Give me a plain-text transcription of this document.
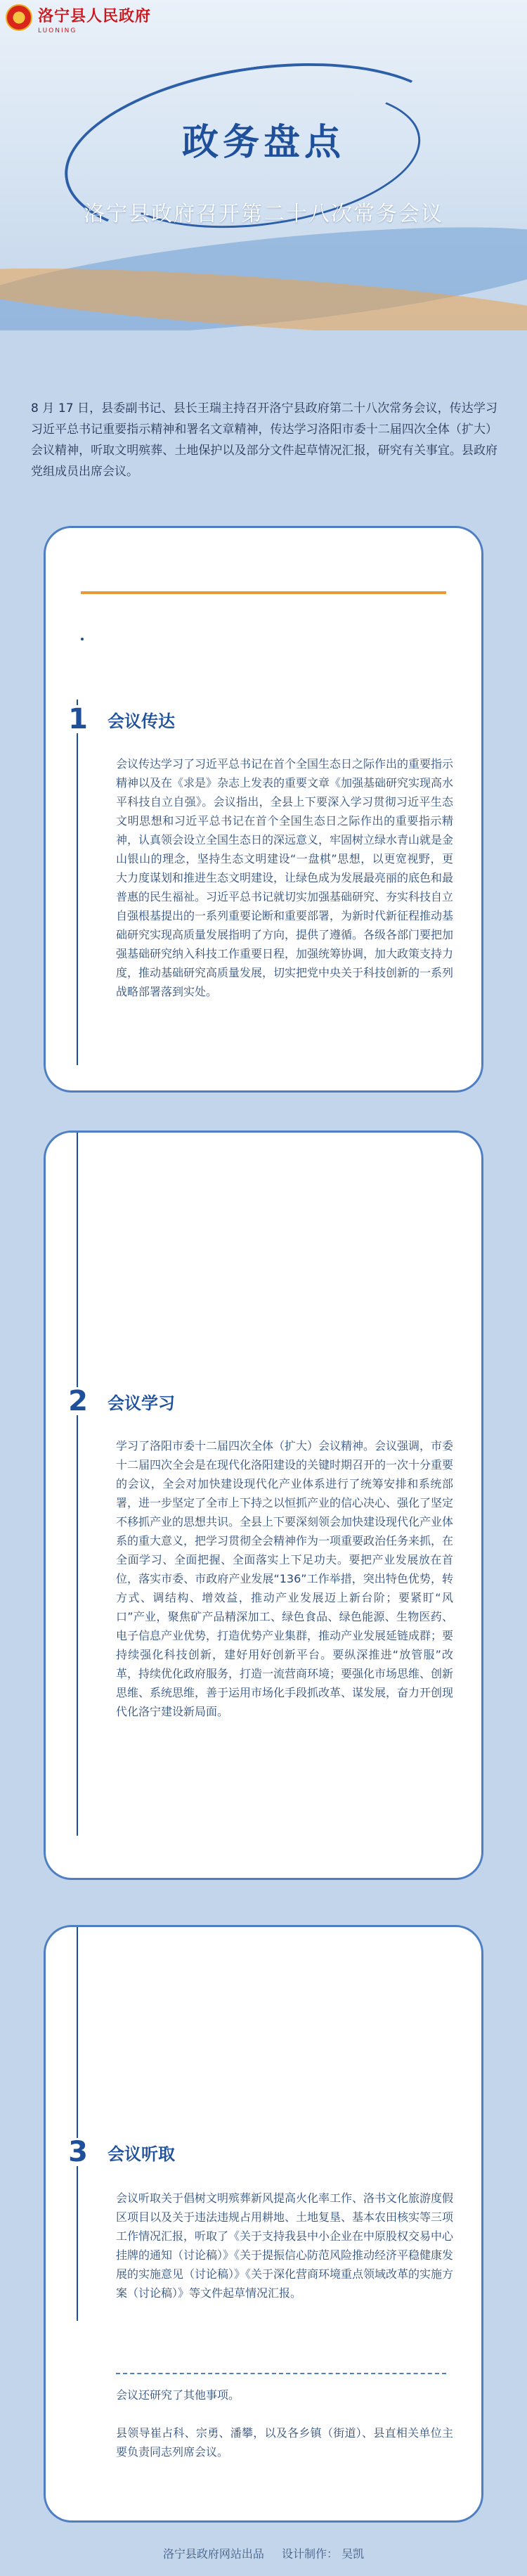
洛宁县人民政府
LUONING
政务盘点
洛宁县政府召开第二十八次常务会议

8 月 17 日，县委副书记、县长王瑞主持召开洛宁县政府第二十八次常务会议，传达学习习近平总书记重要指示精神和署名文章精神，传达学习洛阳市委十二届四次全体（扩大）会议精神，听取文明殡葬、土地保护以及部分文件起草情况汇报，研究有关事宜。县政府党组成员出席会议。

1 会议传达

会议传达学习了习近平总书记在首个全国生态日之际作出的重要指示精神以及在《求是》杂志上发表的重要文章《加强基础研究实现高水平科技自立自强》。会议指出，全县上下要深入学习贯彻习近平生态文明思想和习近平总书记在首个全国生态日之际作出的重要指示精神，认真领会设立全国生态日的深远意义，牢固树立绿水青山就是金山银山的理念，坚持生态文明建设“一盘棋”思想，以更宽视野，更大力度谋划和推进生态文明建设，让绿色成为发展最亮丽的底色和最普惠的民生福祉。习近平总书记就切实加强基础研究、夯实科技自立自强根基提出的一系列重要论断和重要部署，为新时代新征程推动基础研究实现高质量发展指明了方向，提供了遵循。各级各部门要把加强基础研究纳入科技工作重要日程，加强统筹协调，加大政策支持力度，推动基础研究高质量发展，切实把党中央关于科技创新的一系列战略部署落到实处。

2 会议学习

学习了洛阳市委十二届四次全体（扩大）会议精神。会议强调，市委十二届四次全会是在现代化洛阳建设的关键时期召开的一次十分重要的会议，全会对加快建设现代化产业体系进行了统筹安排和系统部署，进一步坚定了全市上下持之以恒抓产业的信心决心、强化了坚定不移抓产业的思想共识。全县上下要深刻领会加快建设现代化产业体系的重大意义，把学习贯彻全会精神作为一项重要政治任务来抓，在全面学习、全面把握、全面落实上下足功夫。要把产业发展放在首位，落实市委、市政府产业发展“136”工作举措，突出特色优势，转方式、调结构、增效益，推动产业发展迈上新台阶；要紧盯“风口”产业，聚焦矿产品精深加工、绿色食品、绿色能源、生物医药、电子信息产业优势，打造优势产业集群，推动产业发展延链成群；要持续强化科技创新，建好用好创新平台。要纵深推进“放管服”改革，持续优化政府服务，打造一流营商环境；要强化市场思维、创新思维、系统思维，善于运用市场化手段抓改革、谋发展，奋力开创现代化洛宁建设新局面。

3 会议听取

会议听取关于倡树文明殡葬新风提高火化率工作、洛书文化旅游度假区项目以及关于违法违规占用耕地、土地复垦、基本农田核实等三项工作情况汇报，听取了《关于支持我县中小企业在中原股权交易中心挂牌的通知（讨论稿）》《关于提振信心防范风险推动经济平稳健康发展的实施意见（讨论稿）》《关于深化营商环境重点领域改革的实施方案（讨论稿）》等文件起草情况汇报。

会议还研究了其他事项。

县领导崔占科、宗勇、潘攀，以及各乡镇（街道）、县直相关单位主要负责同志列席会议。

洛宁县政府网站出品 设计制作： 吴凯
